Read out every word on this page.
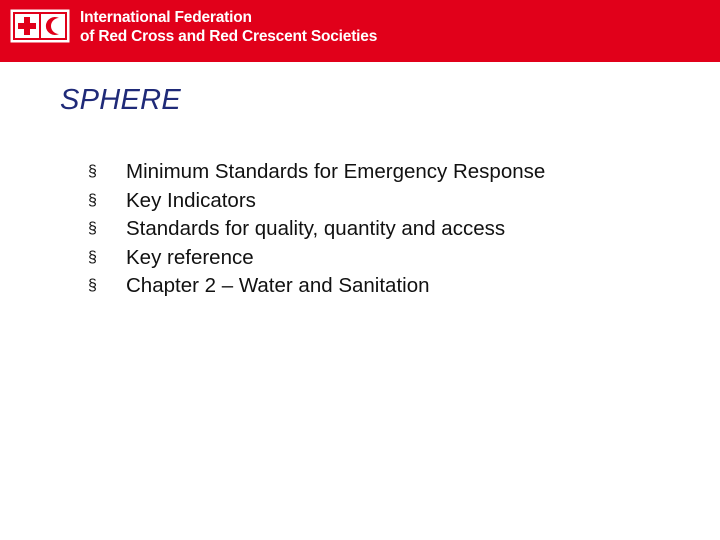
International Federation
of Red Cross and Red Crescent Societies
SPHERE
§	Minimum Standards for Emergency Response
§	Key Indicators
§	Standards for quality, quantity and access
§	Key reference
§	Chapter 2 – Water and Sanitation
